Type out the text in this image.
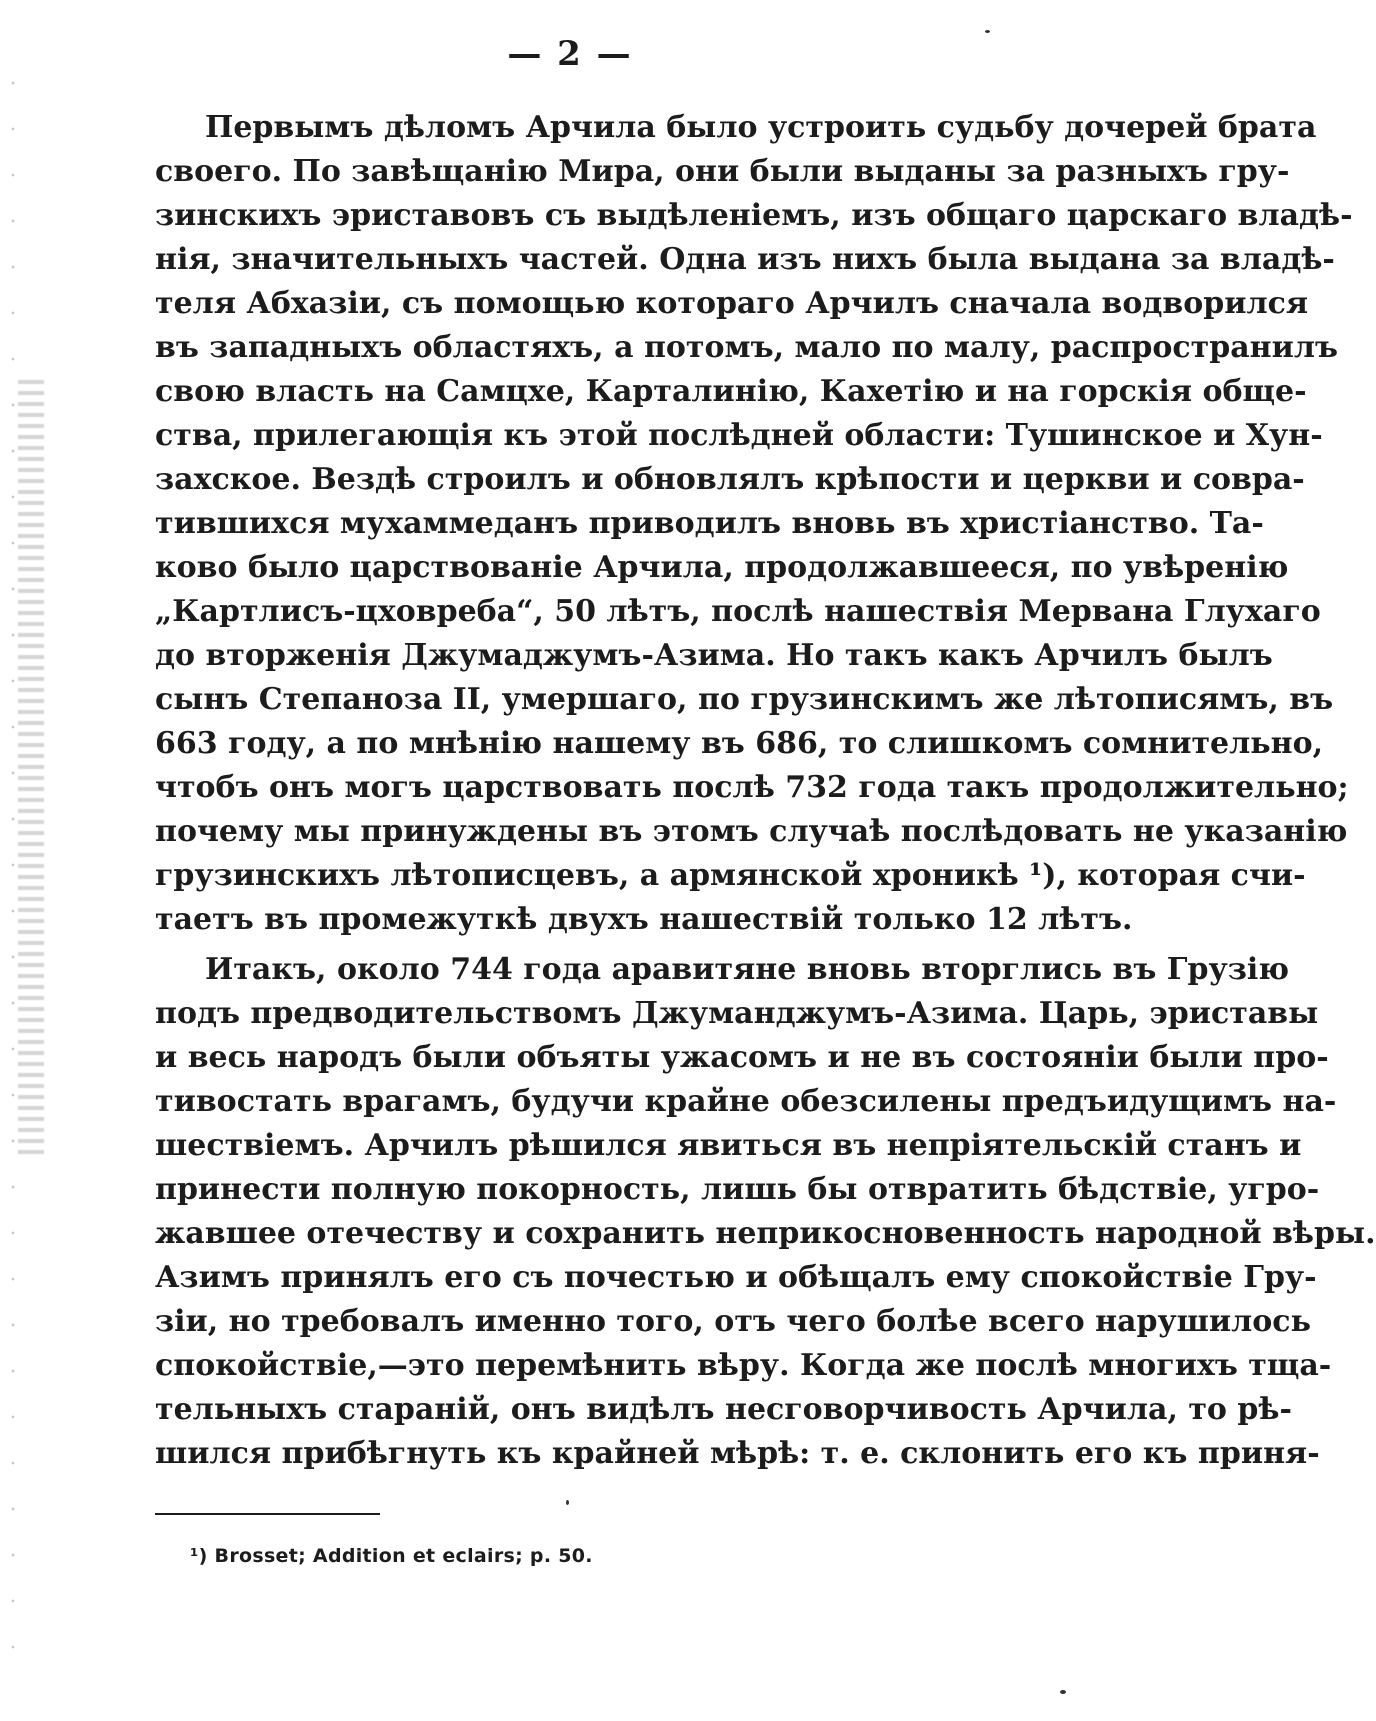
— 2 —
Первымъ дѣломъ Арчила было устроить судьбу дочерей брата
своего. По завѣщанію Мира, они были выданы за разныхъ гру-
зинскихъ эриставовъ съ выдѣленіемъ, изъ общаго царскаго владѣ-
нія, значительныхъ частей. Одна изъ нихъ была выдана за владѣ-
теля Абхазіи, съ помощью котораго Арчилъ сначала водворился
въ западныхъ областяхъ, а потомъ, мало по малу, распространилъ
свою власть на Самцхе, Карталинію, Кахетію и на горскія обще-
ства, прилегающія къ этой послѣдней области: Тушинское и Хун-
захское. Вездѣ строилъ и обновлялъ крѣпости и церкви и совра-
тившихся мухаммеданъ приводилъ вновь въ христіанство. Та-
ково было царствованіе Арчила, продолжавшееся, по увѣренію
„Картлисъ-цховреба“, 50 лѣтъ, послѣ нашествія Мервана Глухаго
до вторженія Джумаджумъ-Азима. Но такъ какъ Арчилъ былъ
сынъ Степаноза II, умершаго, по грузинскимъ же лѣтописямъ, въ
663 году, а по мнѣнію нашему въ 686, то слишкомъ сомнительно,
чтобъ онъ могъ царствовать послѣ 732 года такъ продолжительно;
почему мы принуждены въ этомъ случаѣ послѣдовать не указанію
грузинскихъ лѣтописцевъ, а армянской хроникѣ ¹), которая счи-
таетъ въ промежуткѣ двухъ нашествій только 12 лѣтъ.
Итакъ, около 744 года аравитяне вновь вторглись въ Грузію
подъ предводительствомъ Джуманджумъ-Азима. Царь, эриставы
и весь народъ были объяты ужасомъ и не въ состояніи были про-
тивостать врагамъ, будучи крайне обезсилены предъидущимъ на-
шествіемъ. Арчилъ рѣшился явиться въ непріятельскій станъ и
принести полную покорность, лишь бы отвратить бѣдствіе, угро-
жавшее отечеству и сохранить неприкосновенность народной вѣры.
Азимъ принялъ его съ почестью и обѣщалъ ему спокойствіе Гру-
зіи, но требовалъ именно того, отъ чего болѣе всего нарушилось
спокойствіе,—это перемѣнить вѣру. Когда же послѣ многихъ тща-
тельныхъ стараній, онъ видѣлъ несговорчивость Арчила, то рѣ-
шился прибѣгнуть къ крайней мѣрѣ: т. е. склонить его къ приня-
¹) Brosset; Addition et eclairs; p. 50.
